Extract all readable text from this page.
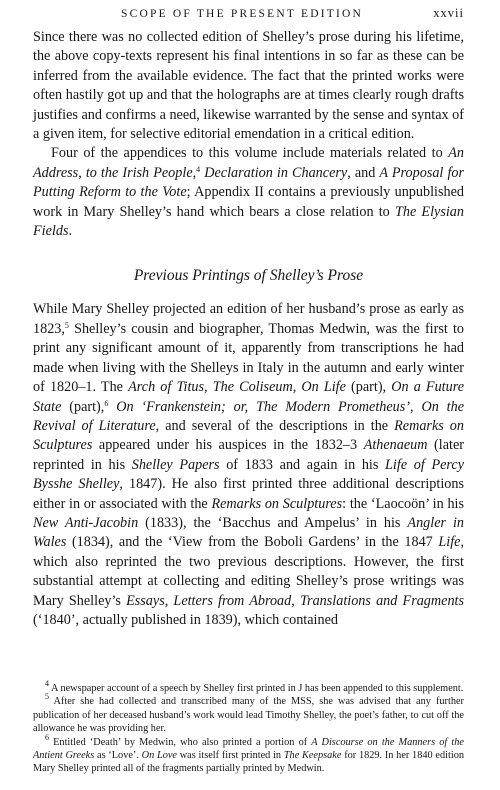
SCOPE OF THE PRESENT EDITION	xxvii

Since there was no collected edition of Shelley’s prose during his lifetime, the above copy-texts represent his final intentions in so far as these can be inferred from the available evidence. The fact that the printed works were often hastily got up and that the holographs are at times clearly rough drafts justifies and confirms a need, likewise warranted by the sense and syntax of a given item, for selective editorial emendation in a critical edition.

Four of the appendices to this volume include materials related to An Address, to the Irish People,$^4$ Declaration in Chancery, and A Proposal for Putting Reform to the Vote; Appendix II contains a previously unpublished work in Mary Shelley’s hand which bears a close relation to The Elysian Fields.

Previous Printings of Shelley’s Prose

While Mary Shelley projected an edition of her husband’s prose as early as 1823,$^5$ Shelley’s cousin and biographer, Thomas Medwin, was the first to print any significant amount of it, apparently from transcriptions he had made when living with the Shelleys in Italy in the autumn and early winter of 1820–1. The Arch of Titus, The Coliseum, On Life (part), On a Future State (part),$^6$ On ‘Frankenstein; or, The Modern Prometheus’, On the Revival of Literature, and several of the descriptions in the Remarks on Sculptures appeared under his auspices in the 1832–3 Athenaeum (later reprinted in his Shelley Papers of 1833 and again in his Life of Percy Bysshe Shelley, 1847). He also first printed three additional descriptions either in or associated with the Remarks on Sculptures: the ‘Laocoön’ in his New Anti-Jacobin (1833), the ‘Bacchus and Ampelus’ in his Angler in Wales (1834), and the ‘View from the Boboli Gardens’ in the 1847 Life, which also reprinted the two previous descriptions. However, the first substantial attempt at collecting and editing Shelley’s prose writings was Mary Shelley’s Essays, Letters from Abroad, Translations and Fragments (‘1840’, actually published in 1839), which contained

$^4$ A newspaper account of a speech by Shelley first printed in J has been appended to this supplement.

$^5$ After she had collected and transcribed many of the MSS, she was advised that any further publication of her deceased husband’s work would lead Timothy Shelley, the poet’s father, to cut off the allowance he was providing her.

$^6$ Entitled ‘Death’ by Medwin, who also printed a portion of A Discourse on the Manners of the Antient Greeks as ‘Love’. On Love was itself first printed in The Keepsake for 1829. In her 1840 edition Mary Shelley printed all of the fragments partially printed by Medwin.
